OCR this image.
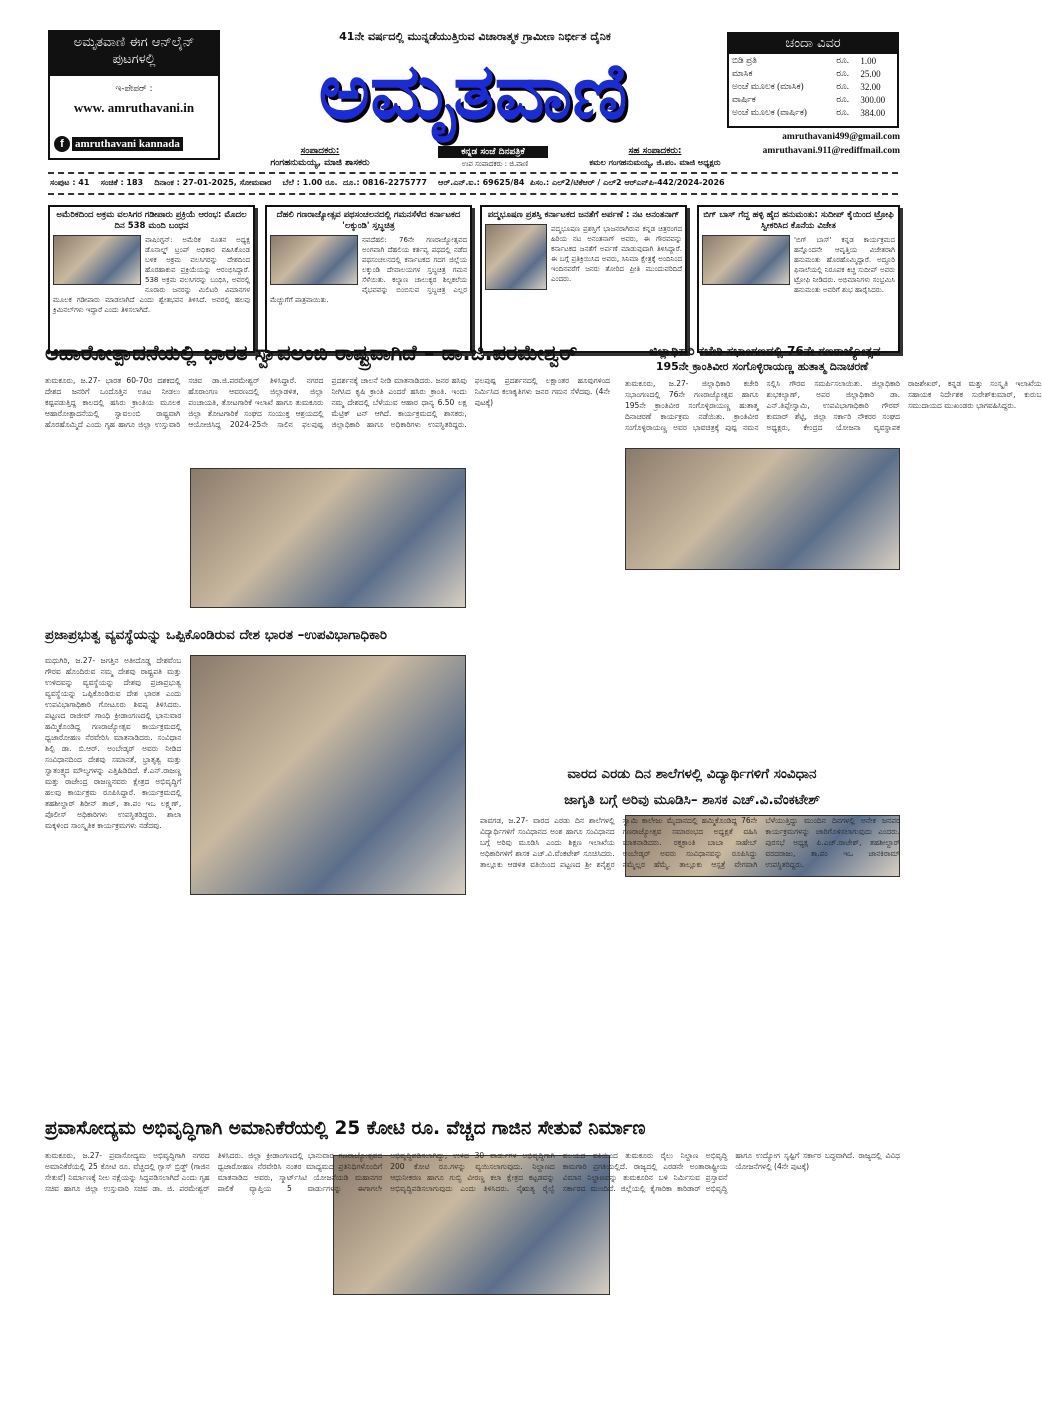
ಅಮೃತವಾಣಿ ಈಗ ಆನ್‌ಲೈನ್ ಪುಟಗಳಲ್ಲಿ
ಇ-ಪೇಪರ್ :
www. amruthavani.in
f	amruthavani kannada
41ನೇ ವರ್ಷದಲ್ಲಿ ಮುನ್ನಡೆಯುತ್ತಿರುವ ವಿಚಾರಾತ್ಮಕ ಗ್ರಾಮೀಣ ನಿರ್ಭೀತ ದೈನಿಕ
ಅಮೃತವಾಣಿ
ಸಂಪಾದಕರು:
ಗಂಗಹನುಮಯ್ಯ, ಮಾಜಿ ಶಾಸಕರು
ಕನ್ನಡ ಸಂಜೆ ದಿನಪತ್ರಿಕೆ
ಉಪ ಸಂಪಾದಕರು : ಜಿ.ವಾಣಿ
ಸಹ ಸಂಪಾದಕರು:
ಕಮಲ ಗಂಗಹನುಮಯ್ಯ, ಜಿ.ಪಂ. ಮಾಜಿ ಅಧ್ಯಕ್ಷರು
ಚಂದಾ ವಿವರ
ಬಿಡಿ ಪ್ರತಿ	ರೂ.	1.00
ಮಾಸಿಕ	ರೂ.	25.00
ಅಂಚೆ ಮೂಲಕ (ಮಾಸಿಕ)	ರೂ.	32.00
ವಾರ್ಷಿಕ	ರೂ.	300.00
ಅಂಚೆ ಮೂಲಕ (ವಾರ್ಷಿಕ)	ರೂ.	384.00
amruthavani499@gmail.com
amruthavani.911@rediffmail.com
ಸಂಪುಟ : 41    ಸಂಚಿಕೆ : 183    ದಿನಾಂಕ : 27-01-2025, ಸೋಮವಾರ    ಬೆಲೆ : 1.00 ರೂ.  ದೂ.: 0816-2275777    ಆರ್.ಎನ್.ಐ.: 69625/84  ಪಿಸಂ.: ಎಲ್2/ಟಿಕೆಆರ್ / ಎಲ್2 ಆರ್‌ಎನ್‌ಪಿ-442/2024-2026
ಅಮೆರಿಕದಿಂದ ಅಕ್ರಮ ವಲಸಿಗರ ಗಡೀಪಾರು ಪ್ರಕ್ರಿಯೆ ಆರಂಭ: ಮೊದಲ ದಿನ 538 ಮಂದಿ ಬಂಧನ
ವಾಷಿಂಗ್ಟನ್: ಅಮೆರಿಕ ನೂತನ ಅಧ್ಯಕ್ಷ ಡೊನಾಲ್ಡ್ ಟ್ರಂಪ್ ಅಧಿಕಾರ ವಹಿಸಿಕೊಂಡ ಬಳಿಕ ಅಕ್ರಮ ವಲಸಿಗರನ್ನು ದೇಶದಿಂದ ಹೊರಹಾಕುವ ಪ್ರಕ್ರಿಯೆಯನ್ನು ಆರಂಭಿಸಿದ್ದಾರೆ. 538 ಅಕ್ರಮ ವಲಸಿಗರನ್ನು ಬಂಧಿಸಿ, ಅವರಲ್ಲಿ ನೂರಾರು ಜನರನ್ನು ಮಿಲಿಟರಿ ವಿಮಾನಗಳ ಮೂಲಕ ಗಡೀಪಾರು ಮಾಡಲಾಗಿದೆ ಎಂದು ಶ್ವೇತಭವನ ತಿಳಿಸಿದೆ. ಅವರಲ್ಲಿ ಹಲವು ಕ್ರಿಮಿನಲ್‌ಗಳು ಇದ್ದಾರೆ ಎಂದು ತಿಳಿಸಲಾಗಿದೆ.
ದೆಹಲಿ ಗಣರಾಜ್ಯೋತ್ಸವ ಪಥಸಂಚಲನದಲ್ಲಿ ಗಮನಸೆಳೆದ ಕರ್ನಾಟಕದ 'ಲಕ್ಕುಂಡಿ' ಸ್ತಬ್ಧಚಿತ್ರ
ನವದೆಹಲಿ: 76ನೇ ಗಣರಾಜ್ಯೋತ್ಸವದ ಅಂಗವಾಗಿ ದೆಹಲಿಯ ಕರ್ತವ್ಯ ಪಥದಲ್ಲಿ ನಡೆದ ಪಥಸಂಚಲನದಲ್ಲಿ ಕರ್ನಾಟಕದ ಗದಗ ಜಿಲ್ಲೆಯ ಲಕ್ಕುಂಡಿ ದೇವಾಲಯಗಳ ಸ್ತಬ್ಧಚಿತ್ರ ಗಮನ ಸೆಳೆಯಿತು. ಕಲ್ಯಾಣ ಚಾಲುಕ್ಯರ ಶಿಲ್ಪಕಲೆಯ ವೈಭವವನ್ನು ಬಿಂಬಿಸುವ ಸ್ತಬ್ಧಚಿತ್ರ ಎಲ್ಲರ ಮೆಚ್ಚುಗೆಗೆ ಪಾತ್ರವಾಯಿತು.
ಪದ್ಮಭೂಷಣ ಪ್ರಶಸ್ತಿ ಕರ್ನಾಟಕದ ಜನತೆಗೆ ಅರ್ಪಣೆ : ನಟ ಅನಂತನಾಗ್
ಪದ್ಮಭೂಷಣ ಪ್ರಶಸ್ತಿಗೆ ಭಾಜನರಾಗಿರುವ ಕನ್ನಡ ಚಿತ್ರರಂಗದ ಹಿರಿಯ ನಟ ಅನಂತನಾಗ್ ಅವರು, ಈ ಗೌರವವನ್ನು ಕರ್ನಾಟಕದ ಜನತೆಗೆ ಅರ್ಪಣೆ ಮಾಡುವುದಾಗಿ ತಿಳಿಸಿದ್ದಾರೆ. ಈ ಬಗ್ಗೆ ಪ್ರತಿಕ್ರಿಯಿಸಿದ ಅವರು, ಸಿನಿಮಾ ಕ್ಷೇತ್ರಕ್ಕೆ ಅಂದಿನಿಂದ ಇಂದಿನವರೆಗೆ ಜನರು ತೋರಿದ ಪ್ರೀತಿ ಮುಂದುವರಿದಿದೆ ಎಂದರು.
ಬಿಗ್ ಬಾಸ್ ಗೆದ್ದ ಹಳ್ಳಿ ಹೈದ ಹನುಮಂತು: ಸುದೀಪ್ ಕೈಯಿಂದ ಟ್ರೋಫಿ ಸ್ವೀಕರಿಸಿದ ಕೊನೆಯ ವಿಜೇತ
'ಬಿಗ್ ಬಾಸ್' ಕನ್ನಡ ಕಾರ್ಯಕ್ರಮದ ಹನ್ನೊಂದನೇ ಆವೃತ್ತಿಯ ವಿಜೇತರಾಗಿ ಹನುಮಂತು ಹೊರಹೊಮ್ಮಿದ್ದಾರೆ. ಅದ್ದೂರಿ ಫಿನಾಲೆಯಲ್ಲಿ ನಿರೂಪಕ ಕಿಚ್ಚ ಸುದೀಪ್ ಅವರು ಟ್ರೋಫಿ ನೀಡಿದರು. ಅಭಿಮಾನಿಗಳು ಸಂಭ್ರಮಿಸಿ ಹನುಮಂತು ಅವರಿಗೆ ಶುಭ ಹಾರೈಸಿದರು.
ಆಹಾರೋತ್ಪಾದನೆಯಲ್ಲಿ ಭಾರತ ಸ್ವಾವಲಂಬಿ ರಾಷ್ಟ್ರವಾಗಿದೆ – ಡಾ.ಜಿ.ಪರಮೇಶ್ವರ್
ತುಮಕೂರು, ಜ.27- ಭಾರತ 60-70ರ ದಶಕದಲ್ಲಿ ದೇಶದ ಜನರಿಗೆ ಒಂದೊತ್ತಿನ ಊಟ ನೀಡಲು ಕಷ್ಟಪಡುತ್ತಿದ್ದ ಕಾಲದಲ್ಲಿ ಹಸಿರು ಕ್ರಾಂತಿಯ ಮೂಲಕ ಆಹಾರೋತ್ಪಾದನೆಯಲ್ಲಿ ಸ್ವಾವಲಂಬಿ ರಾಷ್ಟ್ರವಾಗಿ ಹೊರಹೊಮ್ಮಿದೆ ಎಂದು ಗೃಹ ಹಾಗೂ ಜಿಲ್ಲಾ ಉಸ್ತುವಾರಿ ಸಚಿವ ಡಾ.ಜಿ.ಪರಮೇಶ್ವರ್ ತಿಳಿಸಿದ್ದಾರೆ. ನಗರದ ಹೊರಾಂಗಣ ಆವರಣದಲ್ಲಿ ಜಿಲ್ಲಾಡಳಿತ, ಜಿಲ್ಲಾ ಪಂಚಾಯತಿ, ತೋಟಗಾರಿಕೆ ಇಲಾಖೆ ಹಾಗೂ ತುಮಕೂರು ಜಿಲ್ಲಾ ತೋಟಗಾರಿಕೆ ಸಂಘದ ಸಂಯುಕ್ತ ಆಶ್ರಯದಲ್ಲಿ ಆಯೋಜಿಸಿದ್ದ 2024-25ನೇ ಸಾಲಿನ ಫಲಪುಷ್ಪ ಪ್ರದರ್ಶನಕ್ಕೆ ಚಾಲನೆ ನೀಡಿ ಮಾತನಾಡಿದರು. ಜನರ ಹಸಿವು ನೀಗಿಸಿದ ಕೃಷಿ ಕ್ರಾಂತಿ ಎಂದರೆ ಹಸಿರು ಕ್ರಾಂತಿ. ಇಂದು ನಮ್ಮ ದೇಶದಲ್ಲಿ ಬೆಳೆಯುವ ಆಹಾರ ಧಾನ್ಯ 6.50 ಲಕ್ಷ ಮೆಟ್ರಿಕ್ ಟನ್ ಆಗಿದೆ. ಕಾರ್ಯಕ್ರಮದಲ್ಲಿ ಶಾಸಕರು, ಜಿಲ್ಲಾಧಿಕಾರಿ ಹಾಗೂ ಅಧಿಕಾರಿಗಳು ಉಪಸ್ಥಿತರಿದ್ದರು. ಫಲಪುಷ್ಪ ಪ್ರದರ್ಶನದಲ್ಲಿ ಲಕ್ಷಾಂತರ ಹೂವುಗಳಿಂದ ನಿರ್ಮಿಸಿದ ಕಲಾಕೃತಿಗಳು ಜನರ ಗಮನ ಸೆಳೆದವು. (4ನೇ ಪುಟಕ್ಕೆ)
ಜಿಲ್ಲಾಧಿಕಾರಿ ಕಚೇರಿ ಸಭಾಂಗಣದಲ್ಲಿ 76ನೇ ಗಣರಾಜ್ಯೋತ್ಸವ
195ನೇ ಕ್ರಾಂತಿವೀರ ಸಂಗೊಳ್ಳಿರಾಯಣ್ಣ ಹುತಾತ್ಮ ದಿನಾಚರಣೆ
ತುಮಕೂರು, ಜ.27- ಜಿಲ್ಲಾಧಿಕಾರಿ ಕಚೇರಿ ಸಭಾಂಗಣದಲ್ಲಿ 76ನೇ ಗಣರಾಜ್ಯೋತ್ಸವ ಹಾಗೂ 195ನೇ ಕ್ರಾಂತಿವೀರ ಸಂಗೊಳ್ಳಿರಾಯಣ್ಣ ಹುತಾತ್ಮ ದಿನಾಚರಣೆ ಕಾರ್ಯಕ್ರಮ ನಡೆಯಿತು. ಕ್ರಾಂತಿವೀರ ಸಂಗೊಳ್ಳಿರಾಯಣ್ಣ ಅವರ ಭಾವಚಿತ್ರಕ್ಕೆ ಪುಷ್ಪ ನಮನ ಸಲ್ಲಿಸಿ ಗೌರವ ಸಮರ್ಪಿಸಲಾಯಿತು. ಜಿಲ್ಲಾಧಿಕಾರಿ ಶುಭಕಲ್ಯಾಣ್, ಅಪರ ಜಿಲ್ಲಾಧಿಕಾರಿ ಡಾ. ಎನ್.ತಿಪ್ಪೇಸ್ವಾಮಿ, ಉಪವಿಭಾಗಾಧಿಕಾರಿ ಗೌರವ್ ಕುಮಾರ್ ಶೆಟ್ಟಿ, ಜಿಲ್ಲಾ ಸರ್ಕಾರಿ ನೌಕರರ ಸಂಘದ ಅಧ್ಯಕ್ಷರು, ಕೇಂದ್ರದ ಯೋಜನಾ ವ್ಯವಸ್ಥಾಪಕ ರಾಜಶೇಖರ್, ಕನ್ನಡ ಮತ್ತು ಸಂಸ್ಕೃತಿ ಇಲಾಖೆಯ ಸಹಾಯಕ ನಿರ್ದೇಶಕ ಸುರೇಶ್‌ಕುಮಾರ್, ಕುರುಬ ಸಮುದಾಯದ ಮುಖಂಡರು ಭಾಗವಹಿಸಿದ್ದರು.
ಪ್ರಜಾಪ್ರಭುತ್ವ ವ್ಯವಸ್ಥೆಯನ್ನು ಒಪ್ಪಿಕೊಂಡಿರುವ ದೇಶ ಭಾರತ –ಉಪವಿಭಾಗಾಧಿಕಾರಿ
ಮಧುಗಿರಿ, ಜ.27- ಜಗತ್ತಿನ ಅತೀದೊಡ್ಡ ದೇಶವೆಂಬ ಗೌರವ ಹೊಂದಿರುವ ನಮ್ಮ ದೇಶವು ರಾಷ್ಟ್ರಪತಿ ಮತ್ತು ಉಳಿದವನ್ನು ವ್ಯವಸ್ಥೆಯನ್ನು ದೇಶವು ಪ್ರಜಾಪ್ರಭುತ್ವ ವ್ಯವಸ್ಥೆಯನ್ನು ಒಪ್ಪಿಕೊಂಡಿರುವ ದೇಶ ಭಾರತ ಎಂದು ಉಪವಿಭಾಗಾಧಿಕಾರಿ ಗೋಟೂರು ಶಿವಪ್ಪ ತಿಳಿಸಿದರು. ಪಟ್ಟಣದ ರಾಜೀವ್ ಗಾಂಧಿ ಕ್ರೀಡಾಂಗಣದಲ್ಲಿ ಭಾನುವಾರ ಹಮ್ಮಿಕೊಂಡಿದ್ದ ಗಣರಾಜ್ಯೋತ್ಸವ ಕಾರ್ಯಕ್ರಮದಲ್ಲಿ ಧ್ವಜಾರೋಹಣ ನೆರವೇರಿಸಿ ಮಾತನಾಡಿದರು. ಸಂವಿಧಾನ ಶಿಲ್ಪಿ ಡಾ. ಬಿ.ಆರ್. ಅಂಬೇಡ್ಕರ್ ಅವರು ನೀಡಿದ ಸಂವಿಧಾನದಿಂದ ದೇಶವು ಸಮಾನತೆ, ಭ್ರಾತೃತ್ವ ಮತ್ತು ಸ್ವಾತಂತ್ರ್ಯದ ಮೌಲ್ಯಗಳನ್ನು ಎತ್ತಿಹಿಡಿದಿದೆ. ಕೆ.ಎನ್.ರಾಜಣ್ಣ ಮತ್ತು ರಾಜೇಂದ್ರ ರಾಜಣ್ಣನವರು ಕ್ಷೇತ್ರದ ಅಭಿವೃದ್ಧಿಗೆ ಹಲವು ಕಾರ್ಯಕ್ರಮ ರೂಪಿಸಿದ್ದಾರೆ. ಕಾರ್ಯಕ್ರಮದಲ್ಲಿ ತಹಶೀಲ್ದಾರ್ ಶಿರೀನ್ ತಾಜ್, ತಾ.ಪಂ ಇಒ ಲಕ್ಷ್ಮಣ್, ಪೊಲೀಸ್ ಅಧಿಕಾರಿಗಳು ಉಪಸ್ಥಿತರಿದ್ದರು. ಶಾಲಾ ಮಕ್ಕಳಿಂದ ಸಾಂಸ್ಕೃತಿಕ ಕಾರ್ಯಕ್ರಮಗಳು ನಡೆದವು.
ವಾರದ ಎರಡು ದಿನ ಶಾಲೆಗಳಲ್ಲಿ ವಿದ್ಯಾರ್ಥಿಗಳಿಗೆ ಸಂವಿಧಾನ
ಜಾಗೃತಿ ಬಗ್ಗೆ ಅರಿವು ಮೂಡಿಸಿ– ಶಾಸಕ ಎಚ್.ವಿ.ವೆಂಕಟೇಶ್
ಪಾವಗಡ, ಜ.27- ವಾರದ ಎರಡು ದಿನ ಶಾಲೆಗಳಲ್ಲಿ ವಿದ್ಯಾರ್ಥಿಗಳಿಗೆ ಸಂವಿಧಾನದ ಅಂಶ ಹಾಗೂ ಸಂವಿಧಾನದ ಬಗ್ಗೆ ಅರಿವು ಮೂಡಿಸಿ ಎಂದು ಶಿಕ್ಷಣ ಇಲಾಖೆಯ ಅಧಿಕಾರಿಗಳಿಗೆ ಶಾಸಕ ಎಚ್.ವಿ.ವೆಂಕಟೇಶ್ ಸೂಚಿಸಿದರು. ತಾಲ್ಲೂಕು ಆಡಳಿತ ವತಿಯಿಂದ ಪಟ್ಟಣದ ಶ್ರೀ ಶನೈಶ್ಚರ ಸ್ವಾಮಿ ಕಾಲೇಜು ಮೈದಾನದಲ್ಲಿ ಹಮ್ಮಿಕೊಂಡಿದ್ದ 76ನೇ ಗಣರಾಜ್ಯೋತ್ಸವ ಸಮಾರಂಭದ ಅಧ್ಯಕ್ಷತೆ ವಹಿಸಿ ಮಾತನಾಡಿದರು. ರಕ್ತಕ್ರಾಂತಿ ಬಾಬಾ ಸಾಹೇಬ್ ಅಂಬೇಡ್ಕರ್ ಅವರು ಸಂವಿಧಾನವನ್ನು ರೂಪಿಸಿದ್ದು ನಮ್ಮೆಲ್ಲರ ಹೆಮ್ಮೆ. ತಾಲ್ಲೂಕು ಆಸ್ಪತ್ರೆ ವೇಗವಾಗಿ ಬೆಳೆಯುತ್ತಿದ್ದು ಮುಂದಿನ ದಿನಗಳಲ್ಲಿ ಅನೇಕ ಜನಪರ ಕಾರ್ಯಕ್ರಮಗಳನ್ನು ಜಾರಿಗೊಳಿಸಲಾಗುವುದು ಎಂದರು. ಪುರಸಭೆ ಅಧ್ಯಕ್ಷ ಪಿ.ಎಚ್.ರಾಜೇಶ್, ತಹಶೀಲ್ದಾರ್ ವರದರಾಜು, ತಾ.ಪಂ ಇಒ ಜಾನಕಿರಾಮ್ ಉಪಸ್ಥಿತರಿದ್ದರು.
ಪ್ರವಾಸೋದ್ಯಮ ಅಭಿವೃದ್ಧಿಗಾಗಿ ಅಮಾನಿಕೆರೆಯಲ್ಲಿ 25 ಕೋಟಿ ರೂ. ವೆಚ್ಚದ ಗಾಜಿನ ಸೇತುವೆ ನಿರ್ಮಾಣ
ತುಮಕೂರು, ಜ.27- ಪ್ರವಾಸೋದ್ಯಮ ಅಭಿವೃದ್ಧಿಗಾಗಿ ನಗರದ ಅಮಾನಿಕೆರೆಯಲ್ಲಿ 25 ಕೋಟಿ ರೂ. ವೆಚ್ಚದಲ್ಲಿ ಗ್ಲಾಸ್ ಬ್ರಿಡ್ಜ್ (ಗಾಜಿನ ಸೇತುವೆ) ನಿರ್ಮಾಣಕ್ಕೆ ನೀಲ ನಕ್ಷೆಯನ್ನು ಸಿದ್ಧಪಡಿಸಲಾಗಿದೆ ಎಂದು ಗೃಹ ಸಚಿವ ಹಾಗೂ ಜಿಲ್ಲಾ ಉಸ್ತುವಾರಿ ಸಚಿವ ಡಾ. ಜಿ. ಪರಮೇಶ್ವರ್ ತಿಳಿಸಿದರು. ಜಿಲ್ಲಾ ಕ್ರೀಡಾಂಗಣದಲ್ಲಿ ಭಾನುವಾರ ಗಣರಾಜ್ಯೋತ್ಸವದ ಧ್ವಜಾರೋಹಣ ನೆರವೇರಿಸಿ ನಂತರ ಮಾಧ್ಯಮದ ಪ್ರತಿನಿಧಿಗಳೊಂದಿಗೆ ಮಾತನಾಡಿದ ಅವರು, ಸ್ಮಾರ್ಟ್‌ಸಿಟಿ ಯೋಜನೆಯಡಿ ಮಹಾನಗರ ಪಾಲಿಕೆ ವ್ಯಾಪ್ತಿಯ 5 ವಾರ್ಡುಗಳನ್ನು ಈಗಾಗಲೇ ಅಭಿವೃದ್ಧಿಪಡಿಸಲಾಗಿದ್ದು, ಉಳಿದ 30 ವಾರ್ಡುಗಳ ಅಭಿವೃದ್ಧಿಗಾಗಿ 200 ಕೋಟಿ ರೂ.ಗಳನ್ನು ವ್ಯಯಿಸಲಾಗುವುದು. ನಿಲ್ದಾಣದ ಆಧುನೀಕರಣ ಹಾಗೂ ಗುಬ್ಬಿ ವೀರಣ್ಣ ಕಲಾ ಕ್ಷೇತ್ರದ ಕಟ್ಟಡವನ್ನು ಅಭಿವೃದ್ಧಿಪಡಿಸಲಾಗುವುದು ಎಂದು ತಿಳಿಸಿದರು. ನೈಋತ್ಯ ರೈಲ್ವೆ ವಲಯದ ವತಿಯಿಂದ ತುಮಕೂರು ರೈಲು ನಿಲ್ದಾಣ ಅಭಿವೃದ್ಧಿ ಕಾಮಗಾರಿ ಪ್ರಗತಿಯಲ್ಲಿದೆ. ರಾಜ್ಯದಲ್ಲಿ ಎರಡನೇ ಅಂತಾರಾಷ್ಟ್ರೀಯ ವಿಮಾನ ನಿಲ್ದಾಣವನ್ನು ತುಮಕೂರಿನ ಬಳಿ ನಿರ್ಮಿಸುವ ಪ್ರಸ್ತಾವನೆ ಸರ್ಕಾರದ ಮುಂದಿದೆ. ಜಿಲ್ಲೆಯಲ್ಲಿ ಕೈಗಾರಿಕಾ ಕಾರಿಡಾರ್ ಅಭಿವೃದ್ಧಿ ಹಾಗೂ ಉದ್ಯೋಗ ಸೃಷ್ಟಿಗೆ ಸರ್ಕಾರ ಬದ್ಧವಾಗಿದೆ. ರಾಜ್ಯದಲ್ಲಿ ವಿವಿಧ ಯೋಜನೆಗಳಲ್ಲಿ (4ನೇ ಪುಟಕ್ಕೆ)
